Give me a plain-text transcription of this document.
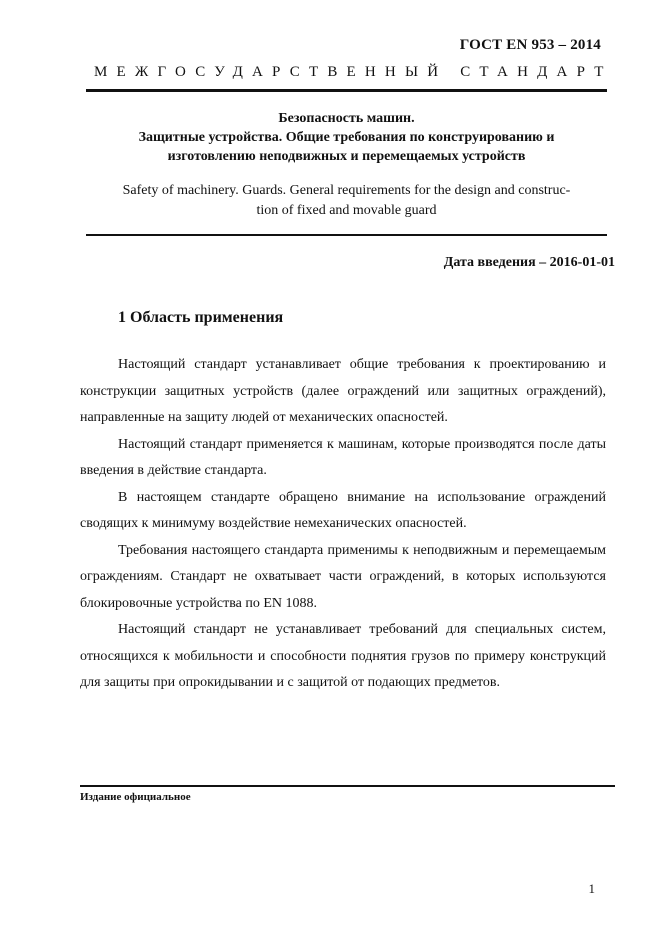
ГОСТ EN 953 – 2014
МЕЖГОСУДАРСТВЕННЫЙ СТАНДАРТ
Безопасность машин.
Защитные устройства. Общие требования по конструированию и
изготовлению неподвижных и перемещаемых устройств
Safety of machinery. Guards. General requirements for the design and construc-
tion of fixed and movable guard
Дата введения – 2016-01-01
1 Область применения

Настоящий стандарт устанавливает общие требования к проектированию и конструкции защитных устройств (далее ограждений или защитных ограждений), направленные на защиту людей от механических опасностей.

Настоящий стандарт применяется к машинам, которые производятся после даты введения в действие стандарта.

В настоящем стандарте обращено внимание на использование ограждений сводящих к минимуму воздействие немеханических опасностей.

Требования настоящего стандарта применимы к неподвижным и перемещаемым ограждениям. Стандарт не охватывает части ограждений, в которых используются блокировочные устройства по EN 1088.

Настоящий стандарт не устанавливает требований для специальных систем, относящихся к мобильности и способности поднятия грузов по примеру конструкций для защиты при опрокидывании и с защитой от подающих предметов.

Издание официальное
1
